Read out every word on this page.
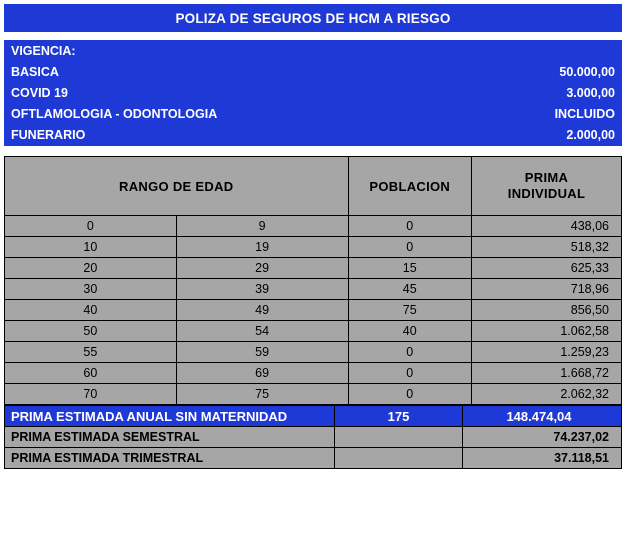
POLIZA DE SEGUROS DE HCM A RIESGO
VIGENCIA:	
BASICA	50.000,00
COVID 19	3.000,00
OFTLAMOLOGIA - ODONTOLOGIA	INCLUIDO
FUNERARIO	2.000,00
RANGO DE EDAD		POBLACION	PRIMA
INDIVIDUAL

0	9	0	438,06
10	19	0	518,32
20	29	15	625,33
30	39	45	718,96
40	49	75	856,50
50	54	40	1.062,58
55	59	0	1.259,23
60	69	0	1.668,72
70	75	0	2.062,32
PRIMA ESTIMADA ANUAL SIN MATERNIDAD	175	148.474,04
PRIMA ESTIMADA SEMESTRAL		74.237,02
PRIMA ESTIMADA TRIMESTRAL		37.118,51
